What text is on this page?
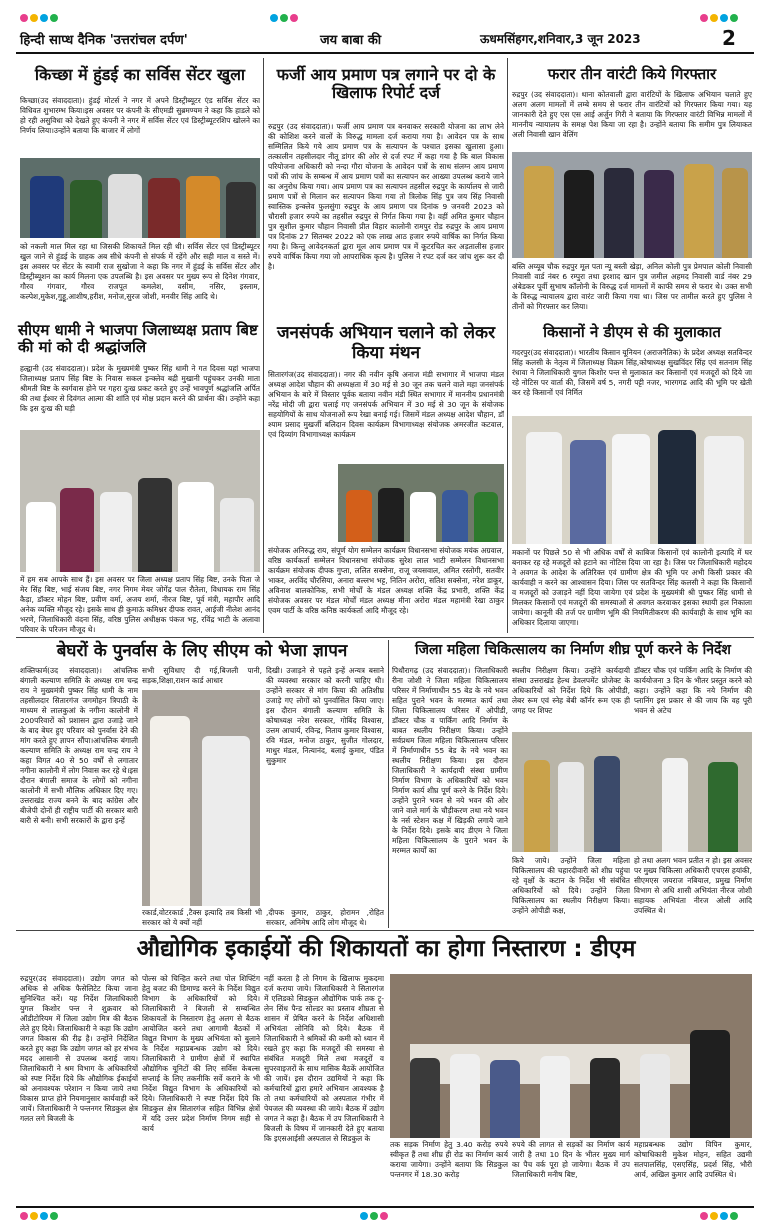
हिन्दी साप्ध दैनिक 'उत्तरांचल दर्पण'	जय बाबा की	ऊधमसिंहगर,शनिवार,3 जून 2023	2
किच्छा में हुंडई का सर्विस सेंटर खुला
किच्छा(उद संवाददाता)। हुंडई मोटर्स ने नगर में अपने डिस्ट्रीब्यूटर एंड सर्विस सेंटर का विधिवत शुभारम्भ किया।इस अवसर पर कंपनी के सीएमडी सुब्रमण्यम ने कहा कि हाडले को हो रही असुविधा को देखते हुए कंपनी ने नगर में सर्विस सेंटर एवं डिस्ट्रीब्यूटरशिप खोलने का निर्णय लिया।उन्होंने बताया कि बाजार में लोगों
को नकली माल मिल रहा था जिसकी शिकायतें मिल रही थी। सर्विस सेंटर एवं डिस्ट्रीब्यूटर खुल जाने से हुंडई के ग्राहक अब सीधे कंपनी से संपर्क में रहेंगे और सही माल व सस्ते में। इस अवसर पर सेंटर के स्वामी राज सुखोजा ने कहा कि नगर में हुंडई के सर्विस सेंटर और डिस्ट्रीब्यूशन का कार्य मिलना एक उपलब्धि है। इस अवसर पर मुख्य रूप से दिनेश गंगवार, गौरव गंगवार, गौरव राजपूत कमलेश, वसीम, नसिर, इस्लाम, कल्पेश,मुकेश,गुड्डू,आशीष,हरीश, मनोज,सुरज जोशी, मनवीर सिंह आदि थे।
फर्जी आय प्रमाण पत्र लगाने पर दो के खिलाफ रिपोर्ट दर्ज
रुद्रपुर (उद संवाददाता)। फर्जी आय प्रमाण पत्र बनवाकर सरकारी योजना का लाभ लेने की कोशिश करने वालों के विरुद्ध मामला दर्ज कराया गया है। आवेदन पत्र के साथ सम्मिलित किये गये आय प्रमाण पत्र के सत्यापन के पश्चात इसका खुलासा हुआ। तत्कालीन तहसीलदार नीतू डांगर की ओर से दर्ज रपट में कहा गया है कि बाल विकास परियोजना अधिकारी को नन्दा गौरा योजना के आवेदन पत्रों के साथ संलग्न आय प्रमाण पत्रों की जांच के सम्बन्ध में आय प्रमाण पत्रों का सत्यापन कर आख्या उपलब्ध कराये जाने का अनुरोध किया गया। आय प्रमाण पत्र का सत्यापन तहसील रुद्रपुर के कार्यालय से जारी प्रमाण पत्रों से मिलान कर सत्यापन किया गया तो त्रिलोक सिंह पुत्र जय सिंह निवासी स्वास्तिक इन्क्लेव फुलसुंगा रुद्रपुर के आय प्रमाण पत्र दिनांक 9 जनवरी 2023 को चौरासी हजार रुपये का तहसील रुद्रपुर से निर्गत किया गया है। वहीं अमित कुमार चौहान पुत्र सुशील कुमार चौहान निवासी प्रीत विहार कालोनी रामपुर रोड रुद्रपुर के आय प्रमाण पत्र दिनांक 27 सितम्बर 2022 को एक लाख आठ हजार रुपये वार्षिक का निर्गत किया गया है। किन्तु आवेदनकर्ता द्वारा मूल आय प्रमाण पत्र में कूटरचित कर अड़तालीस हजार रुपये वार्षिक किया गया जो आपराधिक कृत्य है। पुलिस ने रपट दर्ज कर जांच शुरू कर दी है।
फरार तीन वारंटी किये गिरफ्तार
रुद्रपुर (उद संवाददाता)। थाना कोतवाली द्वारा वारंटियों के खिलाफ अभियान चलाते हुए अलग अलग मामलों में लम्बे समय से फरार तीन वारंटियों को गिरफ्तार किया गया। यह जानकारी देते हुए एस एस आई अर्जुन गिरी ने बताया कि गिरफ्तार वारंटी विभिन्न मामलों में माननीय न्यायालय के समक्ष पेश किया जा रहा है। उन्होंने बताया कि समीम पुत्र लियाकत अली निवासी खान वेलिंग
बस्ति अय्यूब चौक रुद्रपुर मूल पता न्यू बस्ती खेड़ा, अनिल कोली पुत्र प्रेमपाल कोली निवासी निवासी वार्ड नंबर 6 रम्पुरा तथा इरशाद खान पुत्र जमील अहमद निवासी वार्ड नंबर 29 अंबेडकर पूर्वी सुभाष कॉलोनी के विरुद्ध दर्ज मामलों में काफी समय से फरार थे। उक्त सभी के विरुद्ध न्यायालय द्वारा वारंट जारी किया गया था। जिस पर तामील करते हुए पुलिस ने तीनों को गिरफ्तार कर लिया।
सीएम धामी ने भाजपा जिलाध्यक्ष प्रताप बिष्ट की मां को दी श्रद्धांजलि
हल्द्वानी (उद संवाददाता)। प्रदेश के मुख्यमंत्री पुष्कर सिंह धामी ने गत दिवस यहां भाजपा जिलाध्यक्ष प्रताप सिंह बिष्ट के निवास सकल इन्क्लेव बद्री मुखानी पहुंचकर उनकी माता श्रीमती बिष्ट के स्वर्गवास होने पर गहरा दुःख प्रकट करते हुए उन्हें भावपूर्ण श्रद्धांजलि अर्पित की तथा ईश्वर से दिवंगत आत्मा की शांति एवं मोक्ष प्रदान करने की प्रार्थना की। उन्होंने कहा कि इस दुःख की घड़ी
में हम सब आपके साथ हैं। इस अवसर पर जिला अध्यक्ष प्रताप सिंह बिष्ट, उनके पिता जे मेर सिंह बिष्ट, भाई संजय बिष्ट, नगर निगम मेयर जोगेंद्र पाल रौतेला, विधायक राम सिंह कैड़ा, डॉक्टर मोहन बिष्ट, प्रवीण वर्मा, अजय शर्मा, नीरज बिष्ट, पूर्व मंत्री, महापौर आदि अनेक व्यक्ति मौजूद रहे। इसके साथ ही कुमाऊं कमिश्नर दीपक रावत, आईजी नीलेश आनंद भरणे, जिलाधिकारी वंदना सिंह, वरिष्ठ पुलिस अधीक्षक पंकज भट्ट, रविंद्र भाटी के अलावा परिवार के परिजन मौजूद थे।
जनसंपर्क अभियान चलाने को लेकर किया मंथन
सितारगंज(उद संवाददाता)। नगर की नवीन कृषि अनाज मंडी सभागार में भाजपा मंडल अध्यक्ष आदेश चौहान की अध्यक्षता में 30 मई से 30 जून तक चलने वाले महा जनसंपर्क अभियान के बारे में विस्तार पूर्वक बताया नवीन मंडी स्थित सभागार में माननीय प्रधानमंत्री नरेंद्र मोदी जी द्वारा चलाई गए जनसंपर्क अभियान में 30 मई से 30 जून के संयोजक सहयोगियों के साथ योजनाओं रूप रेखा बनाई गई। जिसमें मंडल अध्यक्ष आदेश चौहान, डॉ श्याम प्रसाद मुखर्जी बलिदान दिवस कार्यक्रम विभागाध्यक्ष संयोजक अमरजीत कटवाल, एवं दिव्यांग विभागाध्यक्ष कार्यक्रम
संयोजक अनिरुद्ध राय, संपूर्ण योग सम्मेलन कार्यक्रम विधानसभा संयोजक मयंक अग्रवाल, वरिष्ठ कार्यकर्ता सम्मेलन विधानसभा संयोजक सुरेश लाल भाटी सम्मेलन विधानसभा कार्यक्रम संयोजक दीपक गुप्ता, ललित सक्सेना, राजू जयसवाल, अमित रस्तोगी, सतवीर भाकर, अरविंद चौरसिया, अनारा बल्लभ भट्ट, नितिन अरोरा, सतिश सक्सेना, नरेश डाकूर, अविनाश बालकोनिक, सभी मोर्चों के मंडल अध्यक्ष शक्ति केंद्र प्रभारी, शक्ति केंद्र संयोजक अवसर पर मंडल मोर्चों मंडल अध्यक्ष मीना अरोरा मंडल महामंत्री रेखा ठाकुर एवम पार्टी के वरिष्ठ कनिष्ठ कार्यकर्ता आदि मौजूद रहे।
किसानों ने डीएम से की मुलाकात
गदरपुर(उद संवाददाता)। भारतीय किसान यूनियन (अराजनैतिक) के प्रदेश अध्यक्ष सतविन्दर सिंह कलसी के नेतृत्व में जिलाध्यक्ष विक्रम सिंह,कोषाध्यक्ष सुखविंदर सिंह एवं सतनाम सिंह रंधावा ने जिलाधिकारी युगल किशोर पन्त से मुलाकात कर किसानों एवं मजदूरों को दिये जा रहे नोटिस पर वार्ता की, जिसमें वर्ष 5, नगरी पट्टी नजर, भारगगढ आदि की भूमि पर खेती कर रहे किसानों एवं निर्मित
मकानों पर पिछले 50 से भी अधिक वर्षों से काबिज किसानों एवं कालोनी इत्यादि में घर बनाकर रह रहे मजदूरों को हटाने का नोटिस दिया जा रहा है। जिस पर जिलाधिकारी महोदय ने अवगत के आदेश के अतिरिक्त एवं ग्रामीण क्षेत्र की भूमि पर अभी किसी प्रकार की कार्यवाही न करने का आश्वासन दिया। जिस पर सतविन्दर सिंह कलसी ने कहा कि किसानों व मजदूरों को उजाड़ने नहीं दिया जायेगा एवं प्रदेश के मुख्यमंत्री श्री पुष्कर सिंह धामी से मिलकर किसानों एवं मजदूरों की समस्याओं से अवगत करवाकर इसका स्थायी हल निकाला जायेगा। कानूनी की तर्ज पर ग्रामीण भूमि की नियमितीकरण की कार्यवाही के साथ भूमि का अधिकार दिलाया जाएगा।
बेघरों के पुनर्वास के लिए सीएम को भेजा ज्ञापन
शक्तिफार्म(उद संवाददाता)। आंचलिक बंगाली कल्याण समिति के अध्यक्ष राम चन्द्र राय ने मुख्यमंत्री पुष्कर सिंह धामी के नाम तहसीलदार सितारगंज जगमोहन त्रिपाठी के माध्यम से लालकुआं के नगीना कालोनी में 200परिवारों को प्रशासन द्वारा उजाड़े जाने के बाद बेघर हुए परिवार को पुनर्वास देने की मांग करते हुए ज्ञापन सौंपा।आंचलिक बंगाली कल्याण समिति के अध्यक्ष राम चन्द्र राय ने कहा विगत 40 से 50 वर्षों से लगातार नगीना कालोनी में लोग निवास कर रहे थे।इस दौरान बंगाली समाज के लोगों को नगीना कालोनी में सभी मौलिक अधिकार दिए गए।उत्तराखंड राज्य बनने के बाद कांग्रेस और बीजेपी दोनों ही राष्ट्रीय पार्टी की सरकार बारी बारी से बनी। सभी सरकारों के द्वारा इन्हें
सभी सुविधाए दी गई,बिजली पानी, सड़क,शिक्षा,राशन कार्ड आधार
रकार्ड,वोटरकार्ड ,टैक्स इत्यादि तब किसी भी सरकार को ये क्यों नहीं
दिखी। उजाड़ने से पहले इन्हें अन्यत्र बसाने की व्यवस्था सरकार को करनी चाहिए थी। उन्होंने सरकार से मांग किया की अतिशीघ्र उजाड़े गए लोगों को पुनर्वासित किया जाए।इस दौरान बंगाली कल्याण समिति के कोषाध्यक्ष नरेश सरकार, गोबिंद विश्वास, उत्तम आचार्य, रविन्द्र, निताय कुमार विश्वास, रवि मंडल, मनोज ठाकुर, सुजीत गोलदार, माधुर मंडल, नित्यानंद, बलाई कुमार, पंडित सुकुमार
,दीपक कुमार, ठाकुर, होरामन ,रोहित सरकार, अनिमेष आदि लोग मौजूद थे।
जिला महिला चिकित्सालय का निर्माण शीघ्र पूर्ण करने के निर्देश
पिथौरागढ़ (उद संवाददाता)। जिलाधिकारी रीना जोशी ने जिला महिला चिकित्सालय परिसर में निर्माणाधीन 55 बेड के नये भवन सहित पुराने भवन के मरम्मत कार्य तथा जिला चिकित्सालय परिसर में ओपीडी, डॉक्टर चौक व पार्किंग आदि निर्माण के बाबत स्थलीय निरीक्षण किया। उन्होंने सर्वप्रथम जिला महिला चिकित्सालय परिसर में निर्माणाधीन 55 बेड के नये भवन का स्थलीय निरीक्षण किया। इस दौरान जिलाधिकारी ने कार्यदायी संस्था ग्रामीण निर्माण विभाग के अधिकारियों को भवन निर्माण कार्य शीघ्र पूर्ण करने के निर्देश दिये। उन्होंने पुराने भवन से नये भवन की ओर जाने वाले मार्ग के चौड़ीकरण तथा नये भवन के नर्स स्टेशन कक्ष में खिड़की लगाये जाने के निर्देश दिये। इसके बाद डीएम ने जिला महिला चिकित्सालय के पुराने भवन के मरम्मत कार्यों का
स्थलीय निरीक्षण किया। उन्होंने कार्यदायी संस्था उत्तराखंड हेल्थ डेवलपमेंट प्रोजेक्ट के अधिकारियों को निर्देश दिये कि ओपीडी, लेबर रूम एवं स्नेह बेबी कॉर्नर रूम एक ही जगह पर शिफ्ट
किये जाये। उन्होंने जिला महिला चिकित्सालय की चहारदीवारी को शीघ्र पहुंचा रहे वृक्षों के कटान के निर्देश भी संबंधित अधिकारियों को दिये। उन्होंने जिला चिकित्सालय का स्थलीय निरीक्षण किया। उन्होंने ओपीडी कक्ष,
डॉक्टर चौक एवं पार्किंग आदि के निर्माण की कार्ययोजना 3 दिन के भीतर प्रस्तुत करने को कहा। उन्होंने कहा कि नये निर्माण की प्लानिंग इस प्रकार से की जाय कि वह पूरी भवन से अटेच
हो तथा अलग भवन प्रतीत न हो। इस अवसर पर मुख्य चिकित्सा अधिकारी एचएस हयांकी, सीएमएस जयराज नबियाल, प्रमुख निर्माण विभाग से अधि शासी अभियंता नीरज जोशी सहायक अभियंता नीरज ओली आदि उपस्थित थे।
औद्योगिक इकाईयों की शिकायतों का होगा निस्तारण : डीएम
रुद्रपुर(उद संवाददाता)। उद्योग जगत को अधिक से अधिक फैसेलिटेट किया जाना सुनिश्चित करें। यह निर्देश जिलाधिकारी युगल किशोर पन्त ने शुक्रवार को ऑडीटोरियम में जिला उद्योग मित्र की बैठक लेते हुए दिये। जिलाधिकारी ने कहा कि उद्योग जगत विकास की रीढ़ है। उन्होंने निर्देशित करते हुए कहा कि उद्योग जगत को हर संभव मदद आसानी से उपलब्ध कराई जाय। जिलाधिकारी ने श्रम विभाग के अधिकारियों को स्पष्ट निर्देश दिये कि औद्योगिक ईकाईयों को अनावश्यक परेशान न किया जाये तथा विकास प्राप्त होने नियमानुसार कार्यवाही करें जायें। जिलाधिकारी ने पन्तनगर सिडकुल क्षेत्र गलत लगे बिजली के
पोल्स को चिन्हित करने तथा पोल शिफ्टिंग हेतु बजट की डिमाण्ड करने के निर्देश विद्युत विभाग के अधिकारियों को दिये। जिलाधिकारी ने बिजली से सम्बन्धित शिकायतों के निस्तारण हेतु अलग से बैठक आयोजित करने तथा आगामी बैठकों में विद्युत विभाग के मुख्य अभियंता को बुलाने के निर्देश महाप्रबन्धक उद्योग को दिये। जिलाधिकारी ने ग्रामीण क्षेत्रों में स्थापित औद्योगिक यूनिटों की लिए सर्विस केबल्स सप्लाई के लिए तकनीकि सर्वे कराने के भी निर्देश विद्युत विभाग के अधिकारियों को दिये। जिलाधिकारी ने स्पष्ट निर्देश दिये कि सिडकुल क्षेत्र सितारगंज सहित विभिन्न क्षेत्रों में यदि उत्तर प्रदेश निर्माण निगम सही से कार्य
नहीं करता है तो निगम के खिलाफ मुकदमा दर्ज कराया जाये। जिलाधिकारी ने सितारगंज में एलिडको सिडकुल औद्योगिक पार्क तक ट्रू-लेन सिंध पैन्ड सोल्डर का प्रस्ताव शीघ्रता से शासन में प्रेषित करने के निर्देश अधिशासी अभियंता लोनिवि को दिये। बैठक में जिलाधिकारी ने श्रमिकों की कमी को ध्यान में रखते हुए कहा कि मजदूरों की समस्या से संबंधित मजदूरी मिले तथा मजदूरों व सुपरवाइजरों के साथ मासिक बैठकें आयोजित की जायें। इस दौरान उद्यमियों ने कहा कि कर्मचारियों द्वारा हमारे अभियान आवश्यक है तो तथा कर्मचारियों को अस्पताल गंभीर में पेयजल की व्यवस्था की जाये। बैठक में उद्योग जगत ने कहा है। बैठक में उप जिलाधिकारी ने बिजली के विषय में जानकारी देते हुए बताया कि इएसआईसी अस्पताल से सिडकुल के
तक सड़क निर्माण हेतु 3.40 करोड़ रुपये स्वीकृत हैं तथा शीघ्र ही रोड का निर्माण कार्य कराया जायेगा। उन्होंने बताया कि सिडकुल पन्तनगर में 18.30 करोड़
रुपये की लागत से सड़कों का निर्माण कार्य जारी है तथा 10 दिन के भीतर मुख्य मार्ग का पैच वर्क पूरा हो जायेगा। बैठक में उप जिलाधिकारी मनीष बिष्ट,
महाप्रबन्धक उद्योग विपिन कुमार, कोषाधिकारी मुकेश मोहन, सहित उद्यमी सतपालसिंह, एसएसिंह, प्रदर्श सिंह, भौरी आर्य, अखिल कुमार आदि उपस्थित थे।
